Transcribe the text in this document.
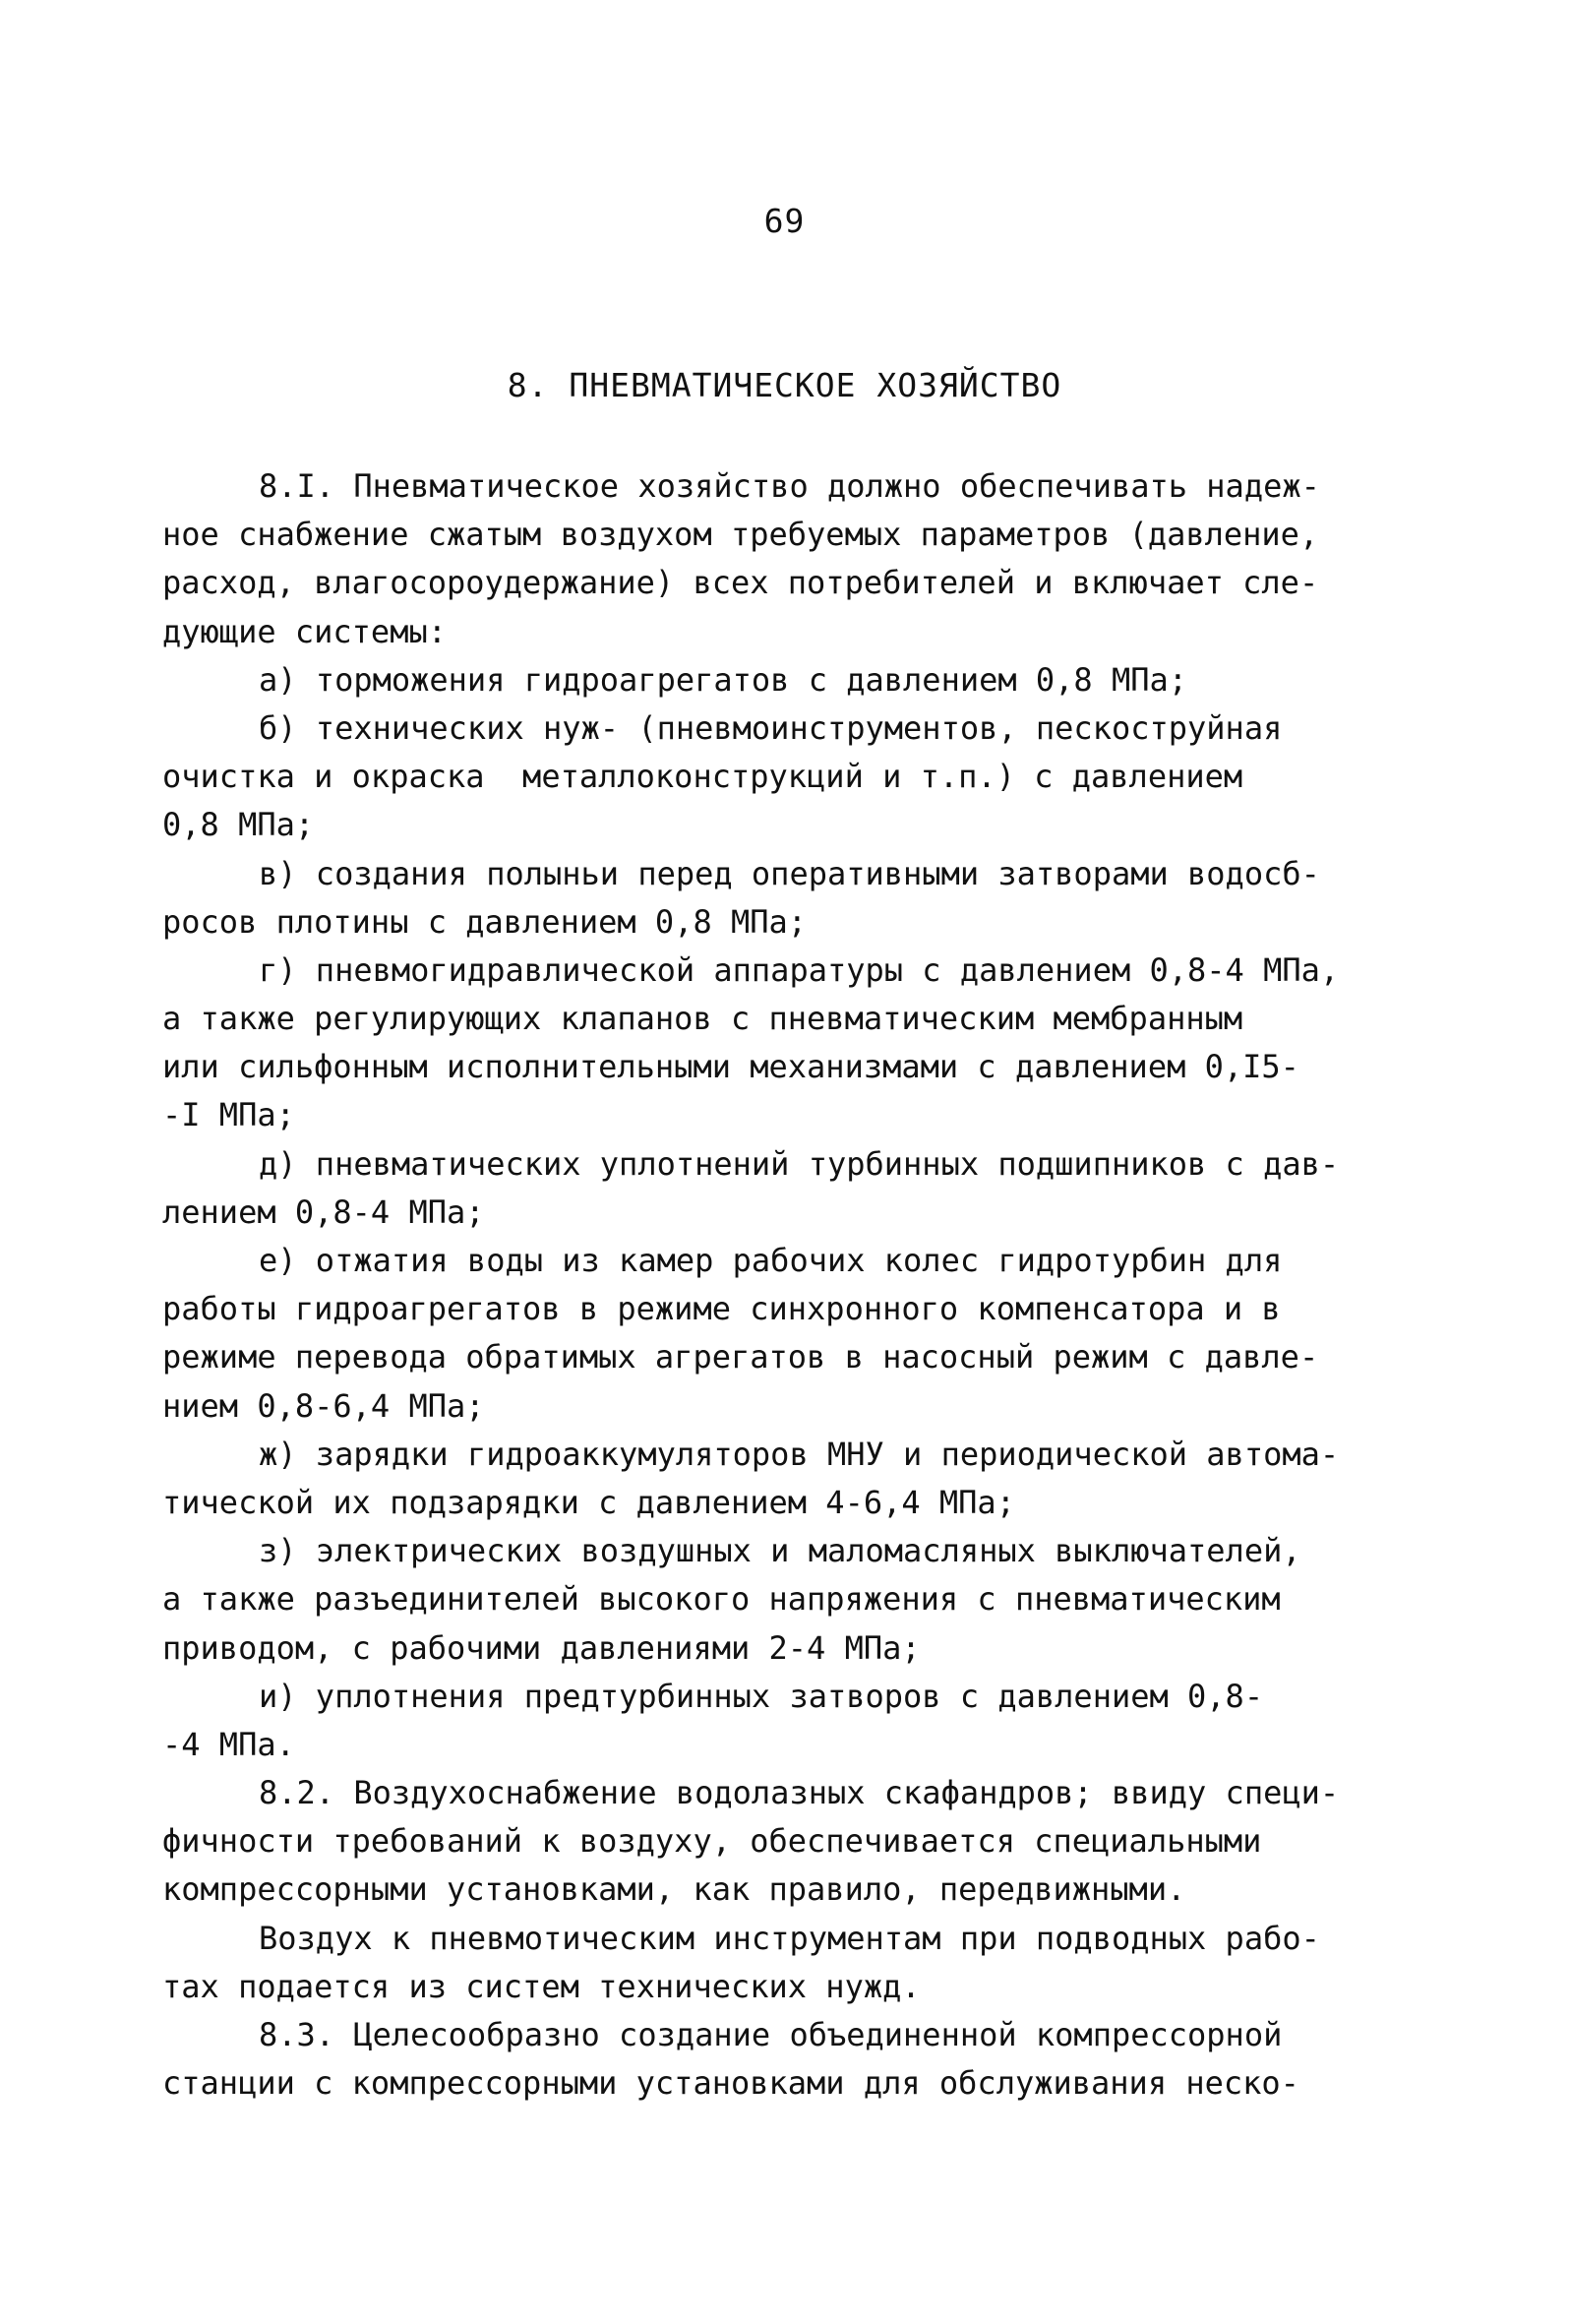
69
8. ПНЕВМАТИЧЕСКОЕ ХОЗЯЙСТВО
8.I. Пневматическое хозяйство должно обеспечивать надеж-
ное снабжение сжатым воздухом требуемых параметров (давление,
расход, влагосороудержание) всех потребителей и включает сле-
дующие системы:
а) торможения гидроагрегатов с давлением 0,8 МПа;
б) технических нуж- (пневмоинструментов, пескоструйная
очистка и окраска  металлоконструкций и т.п.) с давлением
0,8 МПа;
в) создания полыньи перед оперативными затворами водосб-
росов плотины с давлением 0,8 МПа;
г) пневмогидравлической аппаратуры с давлением 0,8-4 МПа,
а также регулирующих клапанов с пневматическим мембранным
или сильфонным исполнительными механизмами с давлением 0,I5-
-I МПа;
д) пневматических уплотнений турбинных подшипников с дав-
лением 0,8-4 МПа;
е) отжатия воды из камер рабочих колес гидротурбин для
работы гидроагрегатов в режиме синхронного компенсатора и в
режиме перевода обратимых агрегатов в насосный режим с давле-
нием 0,8-6,4 МПа;
ж) зарядки гидроаккумуляторов МНУ и периодической автома-
тической их подзарядки с давлением 4-6,4 МПа;
з) электрических воздушных и маломасляных выключателей,
а также разъединителей высокого напряжения с пневматическим
приводом, с рабочими давлениями 2-4 МПа;
и) уплотнения предтурбинных затворов с давлением 0,8-
-4 МПа.
8.2. Воздухоснабжение водолазных скафандров; ввиду специ-
фичности требований к воздуху, обеспечивается специальными
компрессорными установками, как правило, передвижными.
Воздух к пневмотическим инструментам при подводных рабо-
тах подается из систем технических нужд.
8.3. Целесообразно создание объединенной компрессорной
станции с компрессорными установками для обслуживания неско-
